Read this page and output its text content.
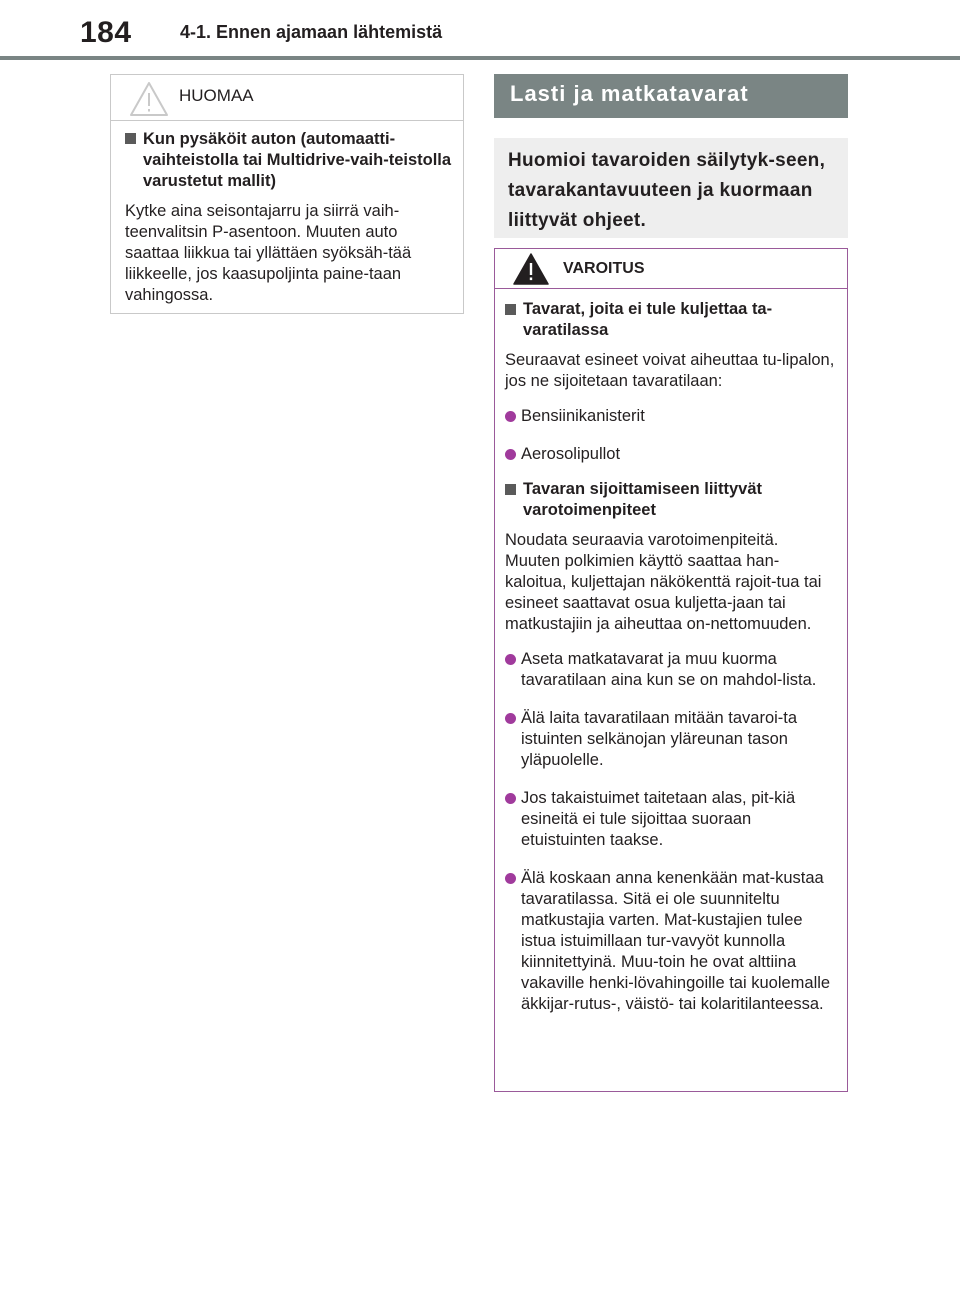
184	4-1. Ennen ajamaan lähtemistä
HUOMAA
Kun pysäköit auton (automaatti-vaihteistolla tai Multidrive-vaih-teistolla varustetut mallit)

Kytke aina seisontajarru ja siirrä vaih-teenvalitsin P-asentoon. Muuten auto saattaa liikkua tai yllättäen syöksäh-tää liikkeelle, jos kaasupoljinta paine-taan vahingossa.

Lasti ja matkatavarat

Huomioi tavaroiden säilytyk-seen, tavarakantavuuteen ja kuormaan liittyvät ohjeet.

VAROITUS
Tavarat, joita ei tule kuljettaa ta-varatilassa

Seuraavat esineet voivat aiheuttaa tu-lipalon, jos ne sijoitetaan tavaratilaan:

Bensiinikanisterit
Aerosolipullot
Tavaran sijoittamiseen liittyvät varotoimenpiteet

Noudata seuraavia varotoimenpiteitä. Muuten polkimien käyttö saattaa han-kaloitua, kuljettajan näkökenttä rajoit-tua tai esineet saattavat osua kuljetta-jaan tai matkustajiin ja aiheuttaa on-nettomuuden.

Aseta matkatavarat ja muu kuorma tavaratilaan aina kun se on mahdol-lista.
Älä laita tavaratilaan mitään tavaroi-ta istuinten selkänojan yläreunan tason yläpuolelle.
Jos takaistuimet taitetaan alas, pit-kiä esineitä ei tule sijoittaa suoraan etuistuinten taakse.
Älä koskaan anna kenenkään mat-kustaa tavaratilassa. Sitä ei ole suunniteltu matkustajia varten. Mat-kustajien tulee istua istuimillaan tur-vavyöt kunnolla kiinnitettyinä. Muu-toin he ovat alttiina vakaville henki-lövahingoille tai kuolemalle äkkijar-rutus-, väistö- tai kolaritilanteessa.
